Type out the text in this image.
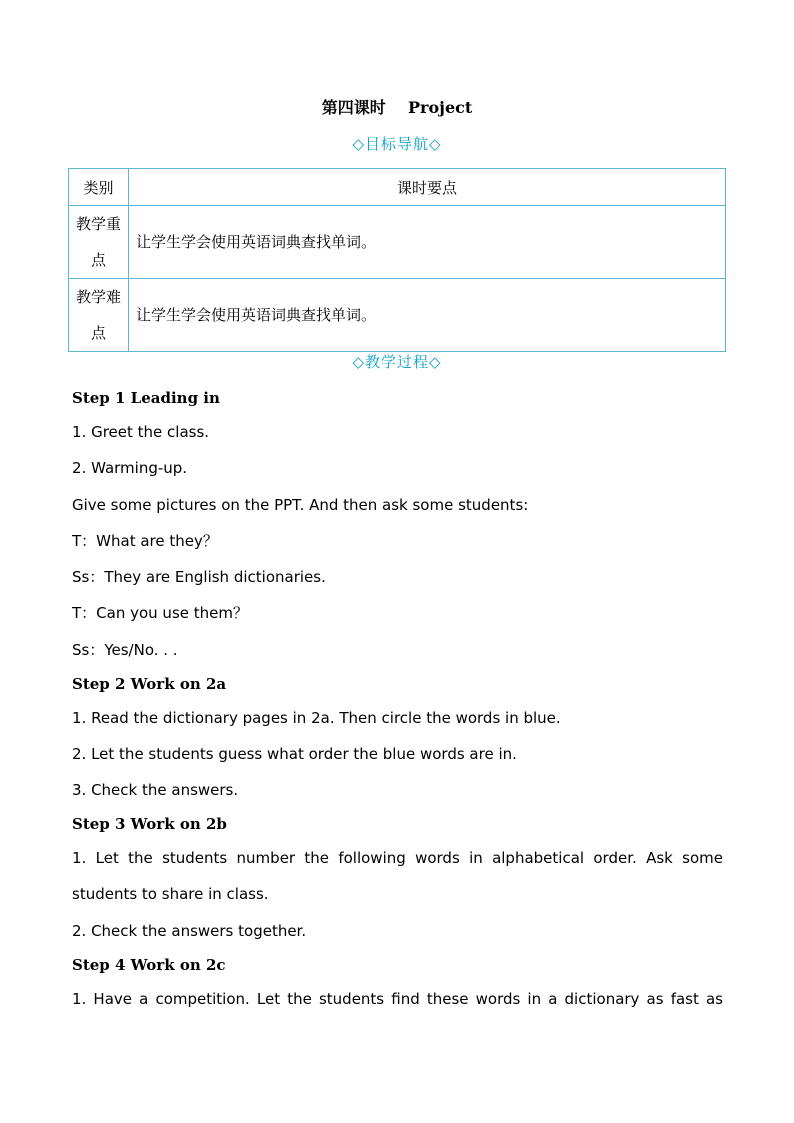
第四课时    Project
◇目标导航◇
类别	课时要点
教学重点	让学生学会使用英语词典查找单词。
教学难点	让学生学会使用英语词典查找单词。
◇教学过程◇

Step 1 Leading in

1. Greet the class.

2. Warming-up.

Give some pictures on the PPT. And then ask some students:

T：What are they？

Ss：They are English dictionaries.

T：Can you use them？

Ss：Yes/No. . .

Step 2 Work on 2a

1. Read the dictionary pages in 2a. Then circle the words in blue.

2. Let the students guess what order the blue words are in.

3. Check the answers.

Step 3 Work on 2b

1. Let the students number the following words in alphabetical order. Ask some

students to share in class.

2. Check the answers together.

Step 4 Work on 2c

1. Have a competition. Let the students find these words in a dictionary as fast as
